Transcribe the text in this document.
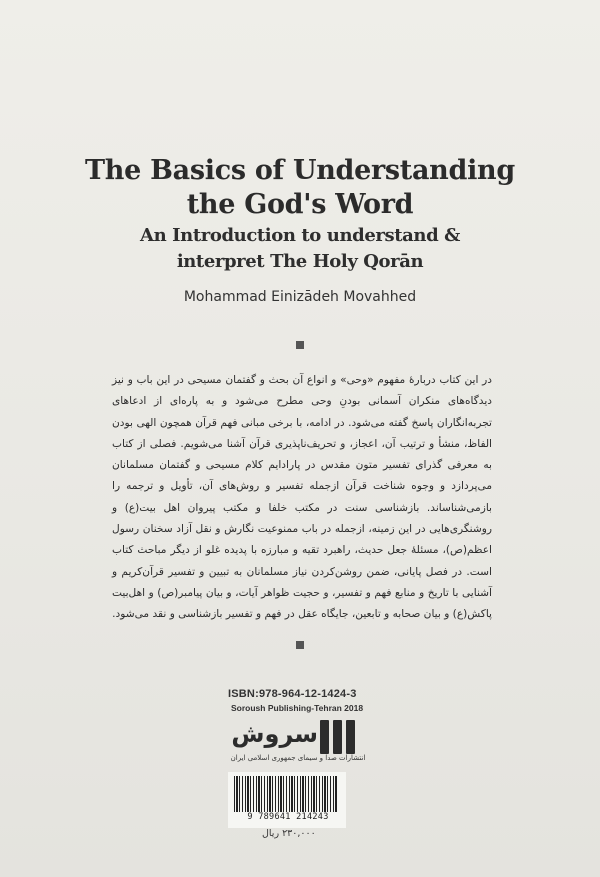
The Basics of Understanding
the God's Word
An Introduction to understand &
interpret The Holy Qorān
Mohammad Einizādeh Movahhed
در این کتاب دربارهٔ مفهوم «وحی» و انواع آن بحث و گفتمان مسیحی در این باب و نیز دیدگاه‌های منکران آسمانی بودنِ وحی مطرح می‌شود و به پاره‌ای از ادعاهای تجربه‌انگاران پاسخ گفته می‌شود. در ادامه، با برخی مبانی فهم قرآن همچون الهی بودن الفاظ، منشأ و ترتیب آن، اعجاز، و تحریف‌ناپذیری قرآن آشنا می‌شویم. فصلی از کتاب به معرفی گذرای تفسیر متون مقدس در پارادایم کلام مسیحی و گفتمان مسلمانان می‌پردازد و وجوه شناخت قرآن ازجمله تفسیر و روش‌های آن، تأویل و ترجمه را بازمی‌شناساند. بازشناسی سنت در مکتب خلفا و مکتب پیروان اهل بیت(ع) و روشنگری‌هایی در این زمینه، ازجمله در باب ممنوعیت نگارش و نقل آزاد سخنان رسول اعظم(ص)، مسئلهٔ جعل حدیث، راهبرد تقیه و مبارزه با پدیده غلو از دیگر مباحث کتاب است. در فصل پایانی، ضمن روشن‌کردن نیاز مسلمانان به تبیین و تفسیر قرآن‌کریم و آشنایی با تاریخ و منابع فهم و تفسیر، و حجیت ظواهر آیات، و بیان پیامبر(ص) و اهل‌بیت پاکش(ع) و بیان صحابه و تابعین، جایگاه عقل در فهم و تفسیر بازشناسی و نقد می‌شود.
ISBN:978-964-12-1424-3
Soroush Publishing-Tehran 2018
سروش
انتشارات صدا و سیمای جمهوری اسلامی ایران
9 789641 214243
۲۳۰,۰۰۰ ریال
